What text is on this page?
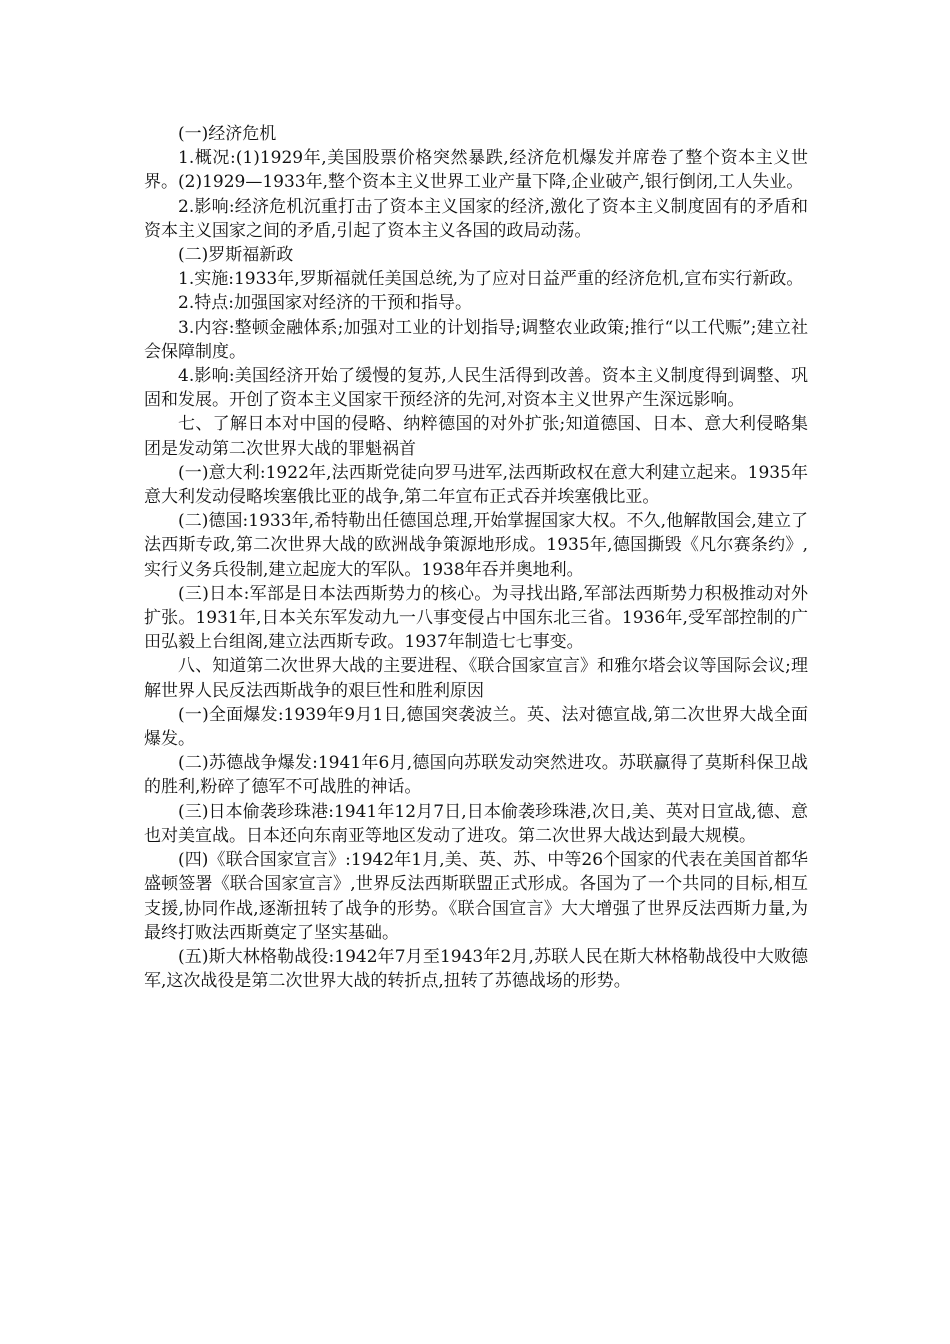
(一)经济危机

1.概况:(1)1929年,美国股票价格突然暴跌,经济危机爆发并席卷了整个资本主义世界。(2)1929—1933年,整个资本主义世界工业产量下降,企业破产,银行倒闭,工人失业。

2.影响:经济危机沉重打击了资本主义国家的经济,激化了资本主义制度固有的矛盾和资本主义国家之间的矛盾,引起了资本主义各国的政局动荡。

(二)罗斯福新政

1.实施:1933年,罗斯福就任美国总统,为了应对日益严重的经济危机,宣布实行新政。

2.特点:加强国家对经济的干预和指导。

3.内容:整顿金融体系;加强对工业的计划指导;调整农业政策;推行“以工代赈”;建立社会保障制度。

4.影响:美国经济开始了缓慢的复苏,人民生活得到改善。资本主义制度得到调整、巩固和发展。开创了资本主义国家干预经济的先河,对资本主义世界产生深远影响。

七、了解日本对中国的侵略、纳粹德国的对外扩张;知道德国、日本、意大利侵略集团是发动第二次世界大战的罪魁祸首

(一)意大利:1922年,法西斯党徒向罗马进军,法西斯政权在意大利建立起来。1935年意大利发动侵略埃塞俄比亚的战争,第二年宣布正式吞并埃塞俄比亚。

(二)德国:1933年,希特勒出任德国总理,开始掌握国家大权。不久,他解散国会,建立了法西斯专政,第二次世界大战的欧洲战争策源地形成。1935年,德国撕毁《凡尔赛条约》,实行义务兵役制,建立起庞大的军队。1938年吞并奥地利。

(三)日本:军部是日本法西斯势力的核心。为寻找出路,军部法西斯势力积极推动对外扩张。1931年,日本关东军发动九一八事变侵占中国东北三省。1936年,受军部控制的广田弘毅上台组阁,建立法西斯专政。1937年制造七七事变。

八、知道第二次世界大战的主要进程、《联合国家宣言》和雅尔塔会议等国际会议;理解世界人民反法西斯战争的艰巨性和胜利原因

(一)全面爆发:1939年9月1日,德国突袭波兰。英、法对德宣战,第二次世界大战全面爆发。

(二)苏德战争爆发:1941年6月,德国向苏联发动突然进攻。苏联赢得了莫斯科保卫战的胜利,粉碎了德军不可战胜的神话。

(三)日本偷袭珍珠港:1941年12月7日,日本偷袭珍珠港,次日,美、英对日宣战,德、意也对美宣战。日本还向东南亚等地区发动了进攻。第二次世界大战达到最大规模。

(四)《联合国家宣言》:1942年1月,美、英、苏、中等26个国家的代表在美国首都华盛顿签署《联合国家宣言》,世界反法西斯联盟正式形成。各国为了一个共同的目标,相互支援,协同作战,逐渐扭转了战争的形势。《联合国宣言》大大增强了世界反法西斯力量,为最终打败法西斯奠定了坚实基础。

(五)斯大林格勒战役:1942年7月至1943年2月,苏联人民在斯大林格勒战役中大败德军,这次战役是第二次世界大战的转折点,扭转了苏德战场的形势。
